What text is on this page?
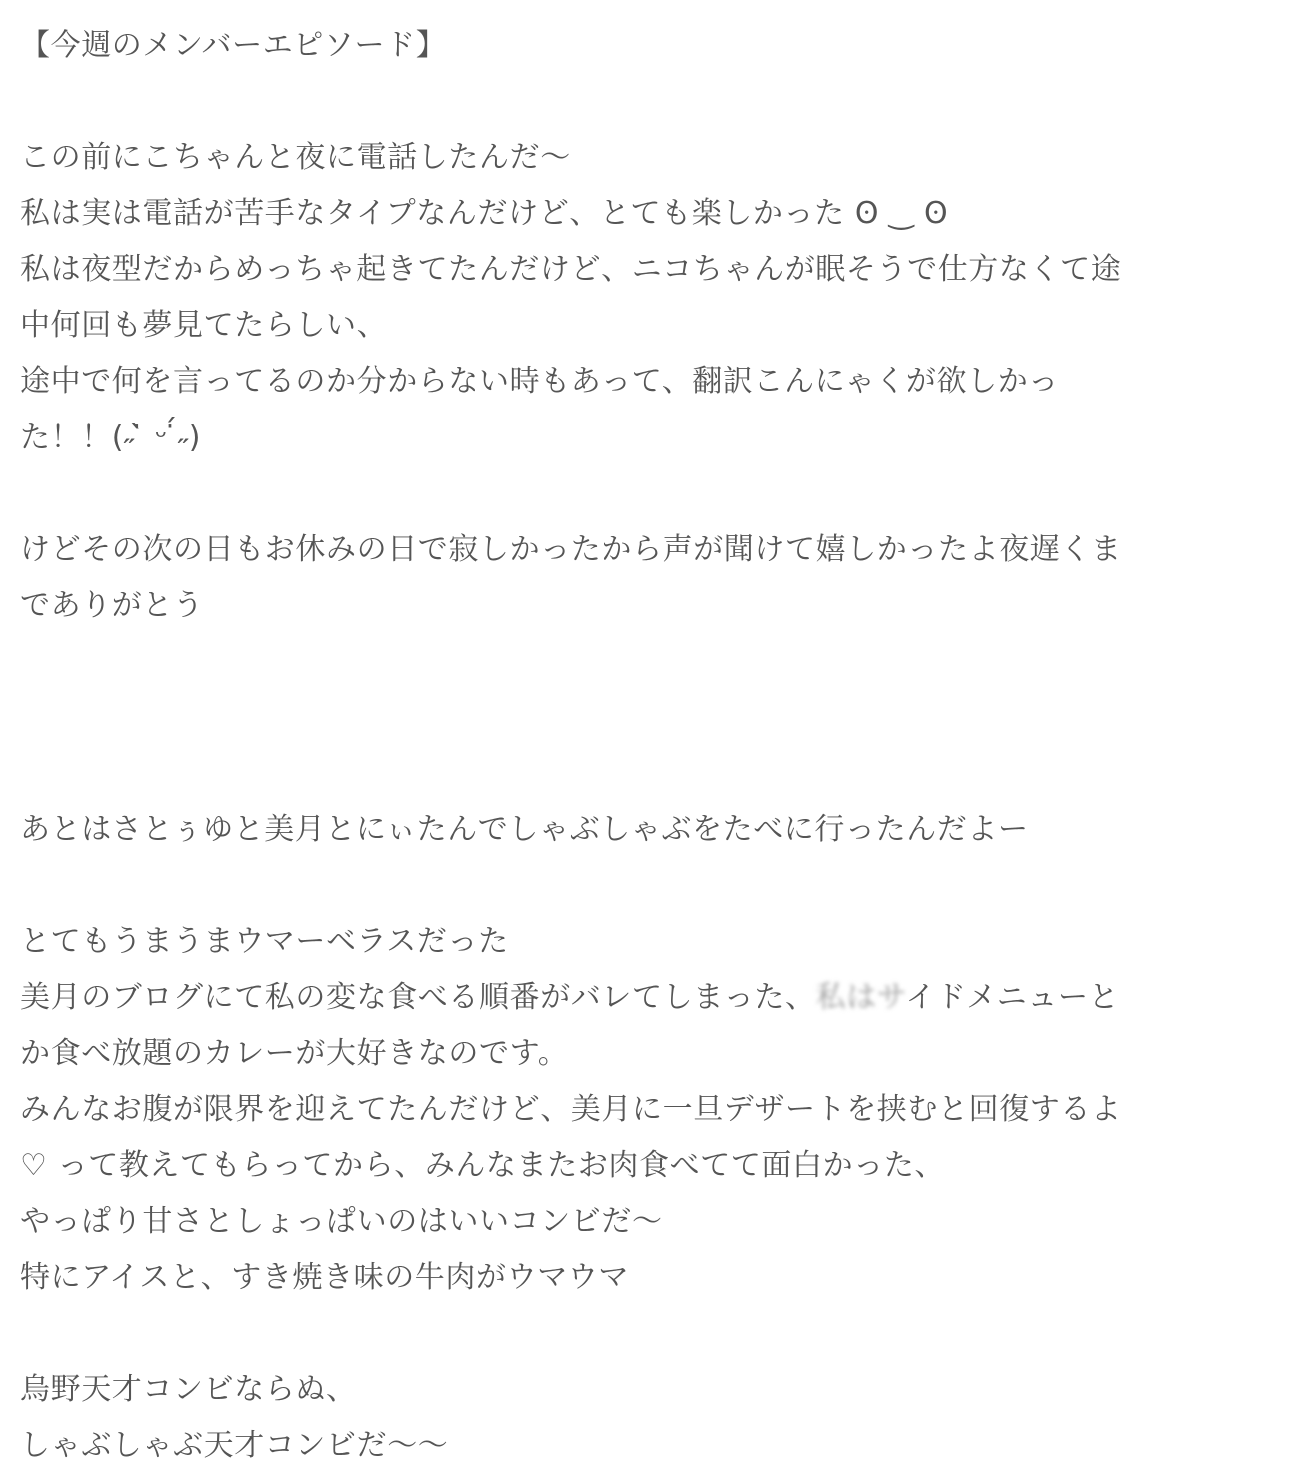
【今週のメンバーエピソード】
この前にこちゃんと夜に電話したんだ〜
私は実は電話が苦手なタイプなんだけど、とても楽しかった ʘ ‿ ʘ
私は夜型だからめっちゃ起きてたんだけど、ニコちゃんが眠そうで仕方なくて途
中何回も夢見てたらしい、
途中で何を言ってるのか分からない時もあって、翻訳こんにゃくが欲しかっ
た！！(˶ ̇̀ ᵕ ̇́˶)
けどその次の日もお休みの日で寂しかったから声が聞けて嬉しかったよ夜遅くま
でありがとう
あとはさとぅゆと美月とにぃたんでしゃぶしゃぶをたべに行ったんだよー
とてもうまうまウマーベラスだった
美月のブログにて私の変な食べる順番がバレてしまった、私はサイドメニューと
か食べ放題のカレーが大好きなのです。
みんなお腹が限界を迎えてたんだけど、美月に一旦デザートを挟むと回復するよ
♡ って教えてもらってから、みんなまたお肉食べてて面白かった、
やっぱり甘さとしょっぱいのはいいコンビだ〜
特にアイスと、すき焼き味の牛肉がウマウマ
烏野天才コンビならぬ、
しゃぶしゃぶ天才コンビだ〜〜
